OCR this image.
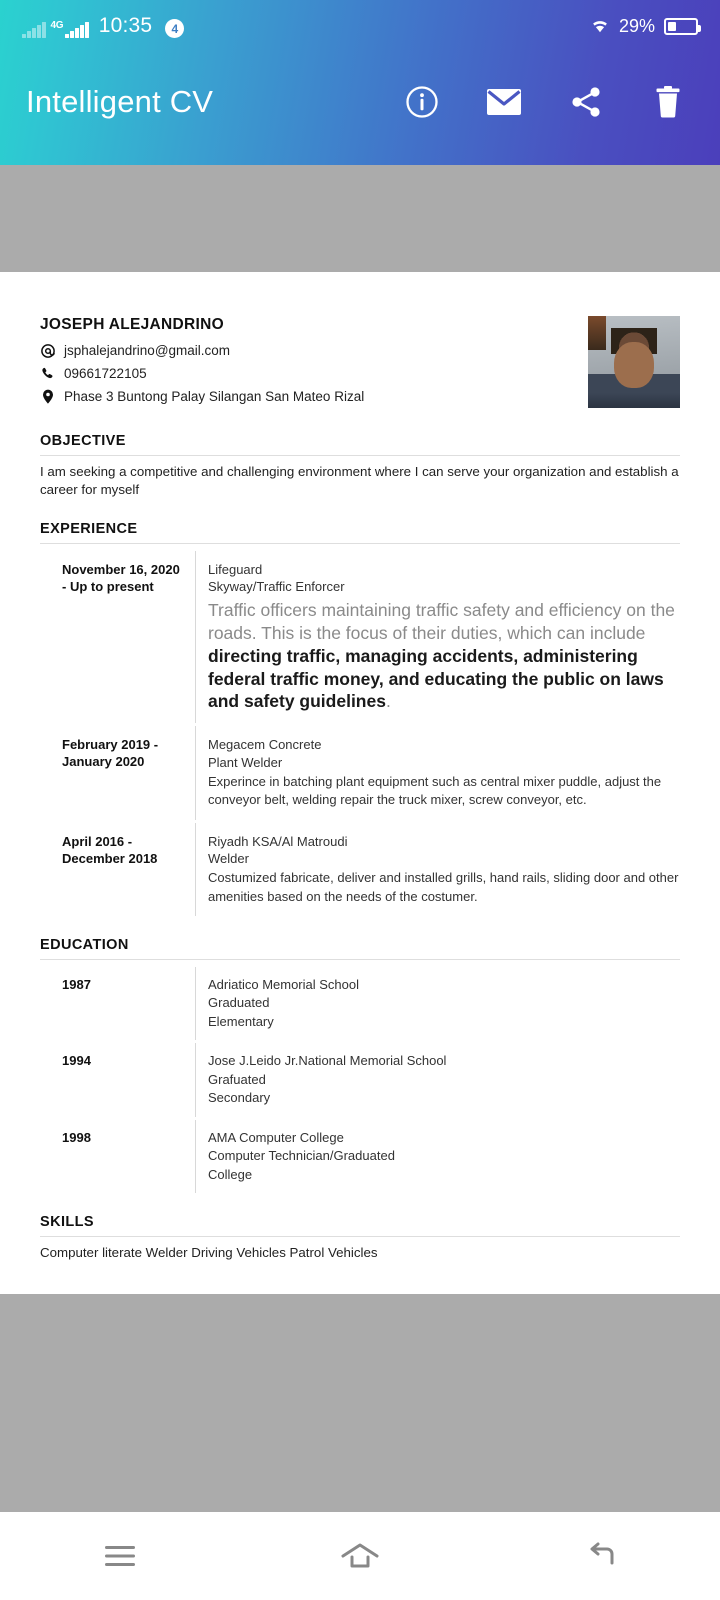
4G 10:35	4	29%
Intelligent CV
JOSEPH ALEJANDRINO
jsphalejandrino@gmail.com
09661722105
Phase 3 Buntong Palay Silangan San Mateo Rizal
OBJECTIVE
I am seeking a competitive and challenging environment where I can serve your organization and establish a career for myself
EXPERIENCE
November 16, 2020 - Up to present
Lifeguard
Skyway/Traffic Enforcer
Traffic officers maintaining traffic safety and efficiency on the roads. This is the focus of their duties, which can include directing traffic, managing accidents, administering federal traffic money, and educating the public on laws and safety guidelines.
February 2019 - January 2020
Megacem Concrete
Plant Welder
Experince in batching plant equipment such as central mixer puddle, adjust the conveyor belt, welding repair the truck mixer, screw conveyor, etc.
April 2016 - December 2018
Riyadh KSA/Al Matroudi
Welder
Costumized fabricate, deliver and installed grills, hand rails, sliding door and other amenities based on the needs of the costumer.
EDUCATION
1987	Adriatico Memorial School
Graduated
Elementary
1994	Jose J.Leido Jr.National Memorial School
Grafuated
Secondary
1998	AMA Computer College
Computer Technician/Graduated
College
SKILLS
Computer literate Welder Driving Vehicles Patrol Vehicles
